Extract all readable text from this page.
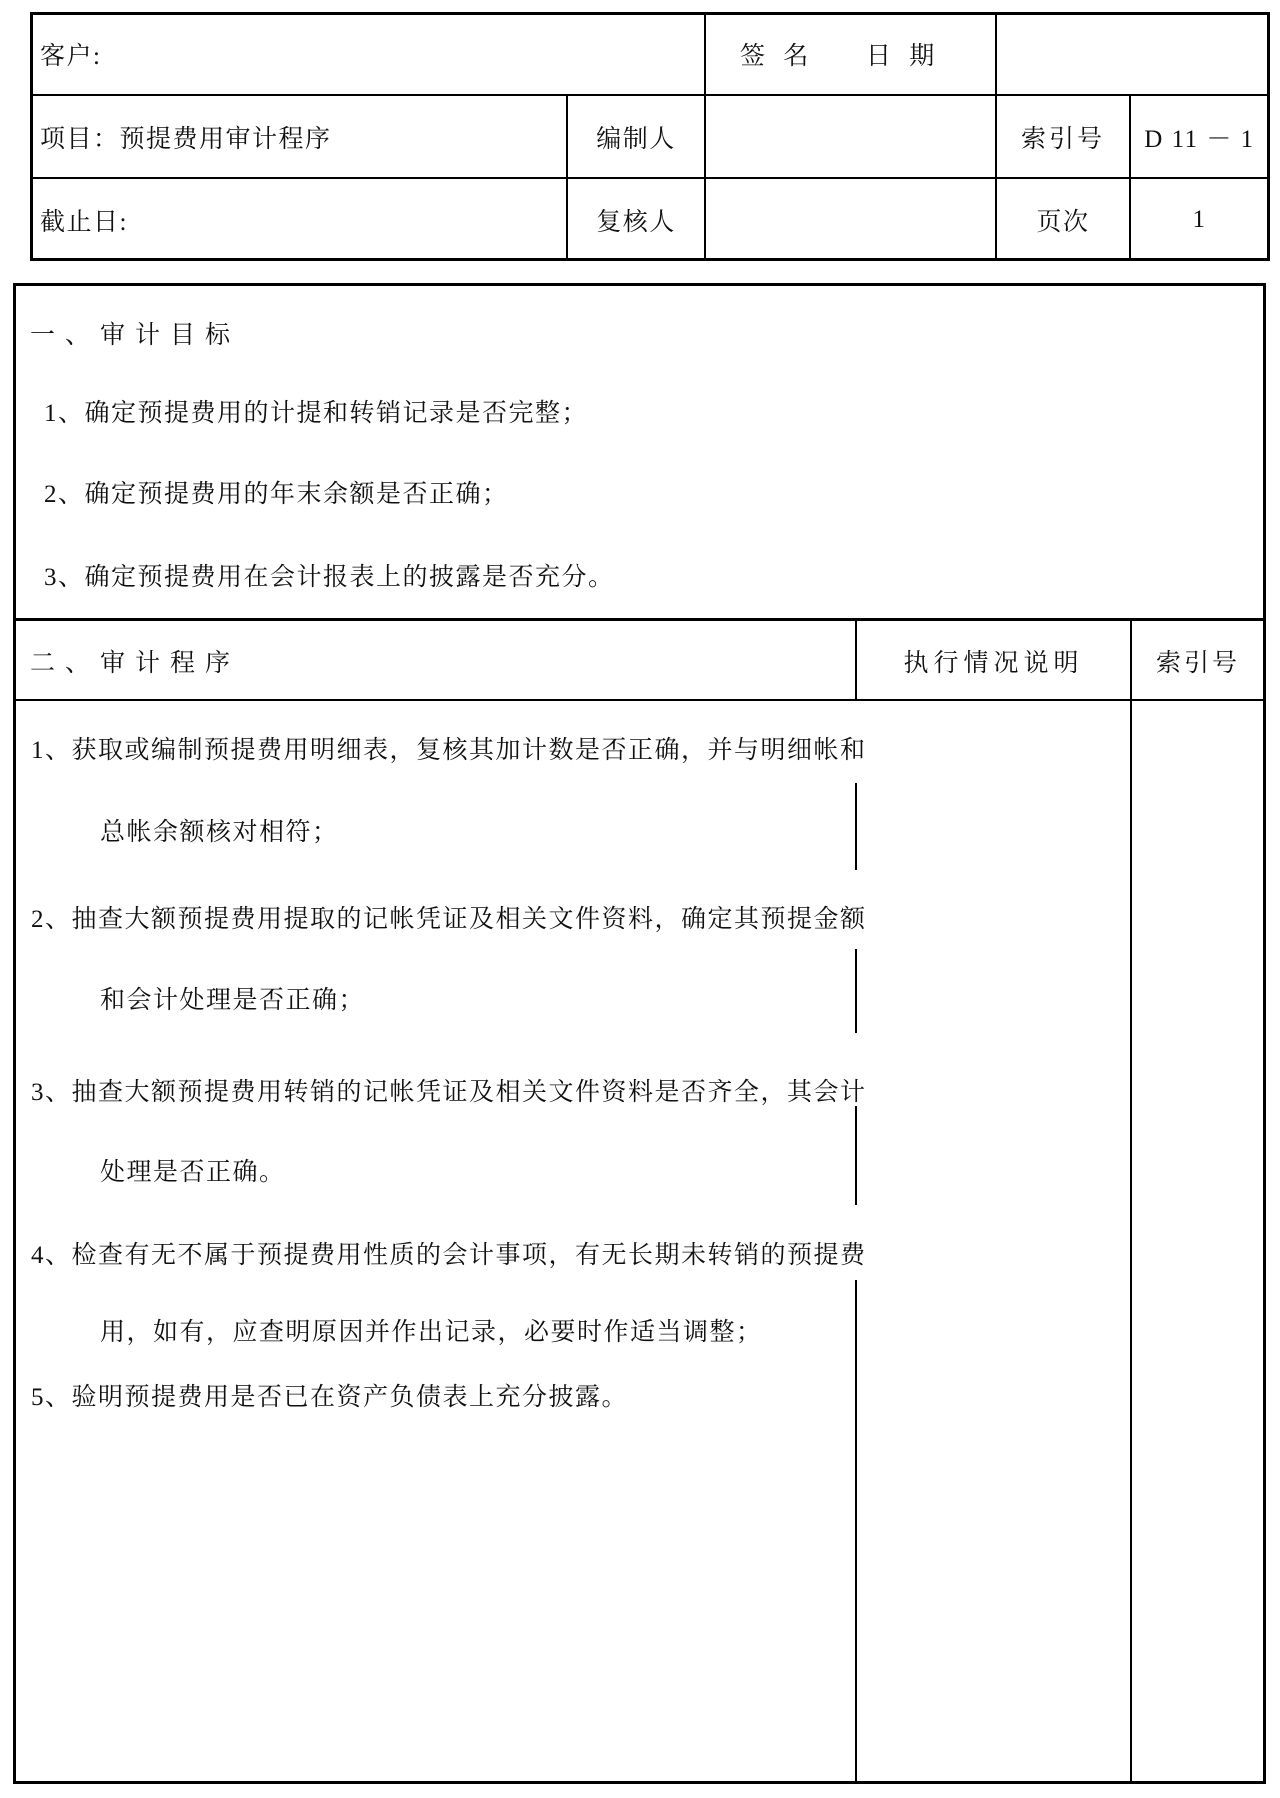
客户:	签 名 日 期
项目：预提费用审计程序	编制人	索引号	D 11 － 1
截止日:	复核人	页次	1
一、审计目标
1、确定预提费用的计提和转销记录是否完整；
2、确定预提费用的年末余额是否正确；
3、确定预提费用在会计报表上的披露是否充分。
二、审计程序	执行情况说明	索引号
1、获取或编制预提费用明细表，复核其加计数是否正确，并与明细帐和
总帐余额核对相符；
2、抽查大额预提费用提取的记帐凭证及相关文件资料，确定其预提金额
和会计处理是否正确；
3、抽查大额预提费用转销的记帐凭证及相关文件资料是否齐全，其会计
处理是否正确。
4、检查有无不属于预提费用性质的会计事项，有无长期未转销的预提费
用，如有，应查明原因并作出记录，必要时作适当调整；
5、验明预提费用是否已在资产负债表上充分披露。
